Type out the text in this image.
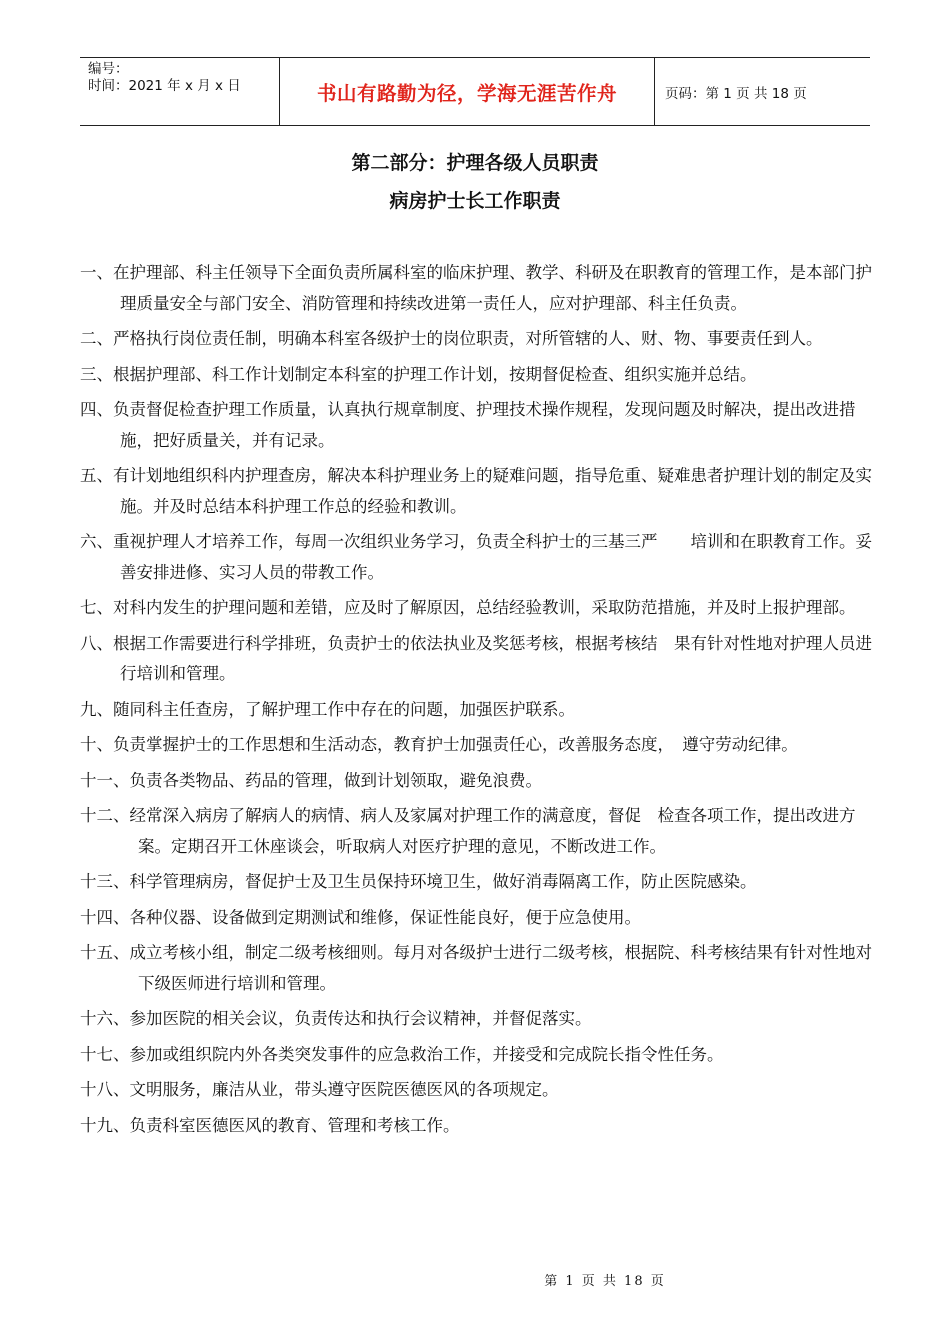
编号：
时间：2021 年 x 月 x 日	书山有路勤为径，学海无涯苦作舟	页码：第 1 页 共 18 页
第二部分：护理各级人员职责
病房护士长工作职责
一、在护理部、科主任领导下全面负责所属科室的临床护理、教学、科研及在职教育的管理工作，是本部门护理质量安全与部门安全、消防管理和持续改进第一责任人，应对护理部、科主任负责。
二、严格执行岗位责任制，明确本科室各级护士的岗位职责，对所管辖的人、财、物、事要责任到人。
三、根据护理部、科工作计划制定本科室的护理工作计划，按期督促检查、组织实施并总结。
四、负责督促检查护理工作质量，认真执行规章制度、护理技术操作规程，发现问题及时解决，提出改进措施，把好质量关，并有记录。
五、有计划地组织科内护理查房，解决本科护理业务上的疑难问题，指导危重、疑难患者护理计划的制定及实施。并及时总结本科护理工作总的经验和教训。
六、重视护理人才培养工作，每周一次组织业务学习，负责全科护士的三基三严　　培训和在职教育工作。妥善安排进修、实习人员的带教工作。
七、对科内发生的护理问题和差错，应及时了解原因，总结经验教训，采取防范措施，并及时上报护理部。
八、根据工作需要进行科学排班，负责护士的依法执业及奖惩考核，根据考核结　果有针对性地对护理人员进行培训和管理。
九、随同科主任查房，了解护理工作中存在的问题，加强医护联系。
十、负责掌握护士的工作思想和生活动态，教育护士加强责任心，改善服务态度，　遵守劳动纪律。
十一、负责各类物品、药品的管理，做到计划领取，避免浪费。
十二、经常深入病房了解病人的病情、病人及家属对护理工作的满意度，督促　检查各项工作，提出改进方案。定期召开工休座谈会，听取病人对医疗护理的意见，不断改进工作。
十三、科学管理病房，督促护士及卫生员保持环境卫生，做好消毒隔离工作，防止医院感染。
十四、各种仪器、设备做到定期测试和维修，保证性能良好，便于应急使用。
十五、成立考核小组，制定二级考核细则。每月对各级护士进行二级考核，根据院、科考核结果有针对性地对下级医师进行培训和管理。
十六、参加医院的相关会议，负责传达和执行会议精神，并督促落实。
十七、参加或组织院内外各类突发事件的应急救治工作，并接受和完成院长指令性任务。
十八、文明服务，廉洁从业，带头遵守医院医德医风的各项规定。
十九、负责科室医德医风的教育、管理和考核工作。
第 1 页 共 18 页
